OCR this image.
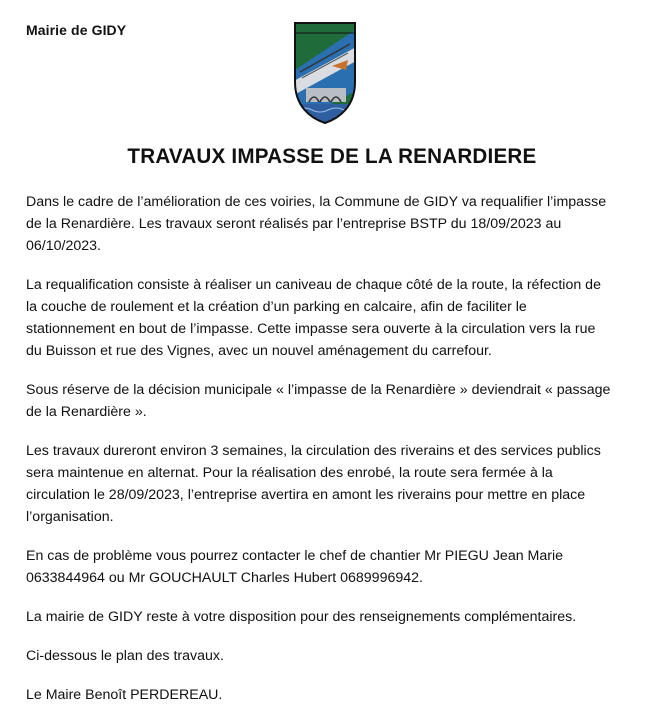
Mairie de GIDY
TRAVAUX IMPASSE DE LA RENARDIERE

Dans le cadre de l’amélioration de ces voiries, la Commune de GIDY va requalifier l’impasse
de la Renardière. Les travaux seront réalisés par l’entreprise BSTP du 18/09/2023 au
06/10/2023.

La requalification consiste à réaliser un caniveau de chaque côté de la route, la réfection de
la couche de roulement et la création d’un parking en calcaire, afin de faciliter le
stationnement en bout de l’impasse. Cette impasse sera ouverte à la circulation vers la rue
du Buisson et rue des Vignes, avec un nouvel aménagement du carrefour.

Sous réserve de la décision municipale « l’impasse de la Renardière » deviendrait « passage
de la Renardière ».

Les travaux dureront environ 3 semaines, la circulation des riverains et des services publics
sera maintenue en alternat. Pour la réalisation des enrobé, la route sera fermée à la
circulation le 28/09/2023, l’entreprise avertira en amont les riverains pour mettre en place
l’organisation.

En cas de problème vous pourrez contacter le chef de chantier Mr PIEGU Jean Marie
0633844964 ou Mr GOUCHAULT Charles Hubert 0689996942.

La mairie de GIDY reste à votre disposition pour des renseignements complémentaires.

Ci-dessous le plan des travaux.

Le Maire Benoît PERDEREAU.
